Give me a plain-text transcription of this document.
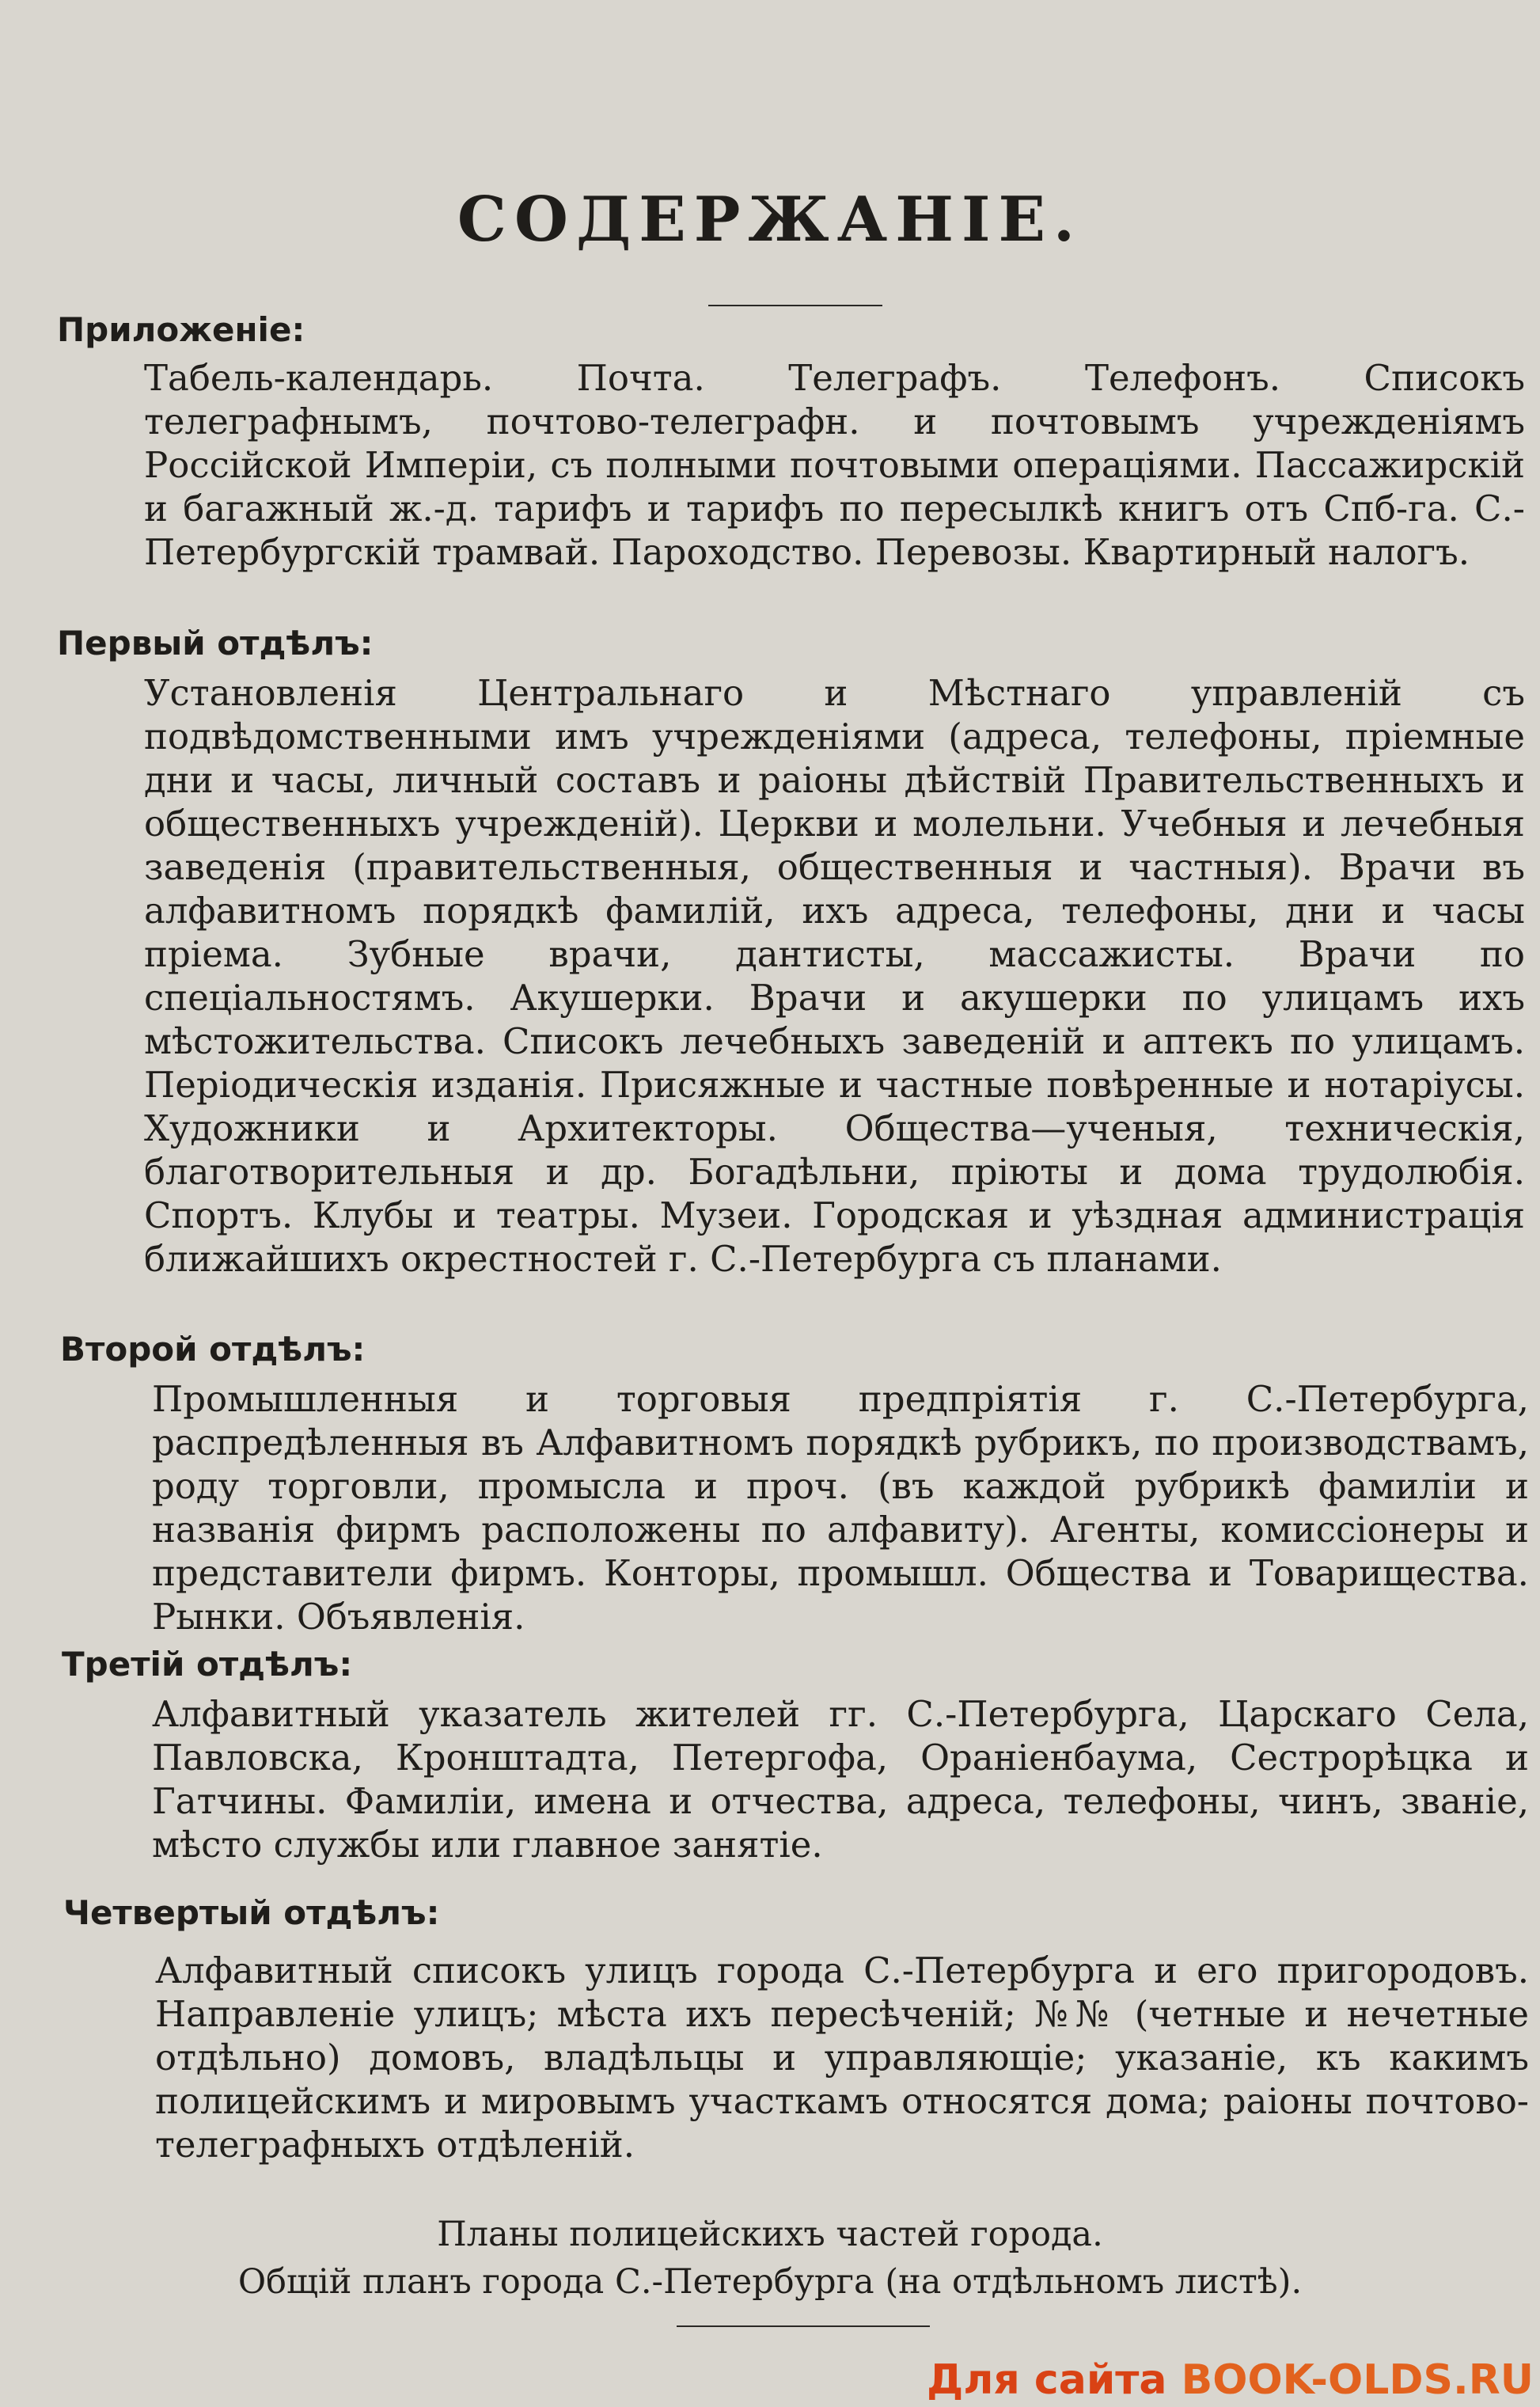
СОДЕРЖАНIЕ.
Приложенie:

Табель-календарь. Почта. Телеграфъ. Телефонъ. Списокъ телеграфнымъ, почтово-телеграфн. и почтовымъ учрежденiямъ Россiйской Имперiи, съ полными почтовыми операцiями. Пассажирскiй и багажный ж.-д. тарифъ и тарифъ по пересылкѣ книгъ отъ Спб-га. С.-Петербургскiй трамвай. Пароходство. Перевозы. Квартирный налогъ.

Первый отдѣлъ:

Установленiя Центральнаго и Мѣстнаго управленiй съ подвѣдомственными имъ учрежденiями (адреса, телефоны, прiемные дни и часы, личный составъ и раiоны дѣйствiй Правительственныхъ и общественныхъ учрежденiй). Церкви и молельни. Учебныя и лечебныя заведенiя (правительственныя, общественныя и частныя). Врачи въ алфавитномъ порядкѣ фамилiй, ихъ адреса, телефоны, дни и часы прiема. Зубные врачи, дантисты, массажисты. Врачи по спецiальностямъ. Акушерки. Врачи и акушерки по улицамъ ихъ мѣстожительства. Списокъ лечебныхъ заведенiй и аптекъ по улицамъ. Перiодическiя изданiя. Присяжные и частные повѣренные и нотарiусы. Художники и Архитекторы. Общества—ученыя, техническiя, благотворительныя и др. Богадѣльни, прiюты и дома трудолюбiя. Спортъ. Клубы и театры. Музеи. Городская и уѣздная администрацiя ближайшихъ окрестностей г. С.-Петербурга съ планами.

Второй отдѣлъ:

Промышленныя и торговыя предпрiятiя г. С.-Петербурга, распредѣленныя въ Алфавитномъ порядкѣ рубрикъ, по производствамъ, роду торговли, промысла и проч. (въ каждой рубрикѣ фамилiи и названiя фирмъ расположены по алфавиту). Агенты, комиссiонеры и представители фирмъ. Конторы, промышл. Общества и Товарищества. Рынки. Объявленiя.

Третiй отдѣлъ:

Алфавитный указатель жителей гг. С.-Петербурга, Царскаго Села, Павловска, Кронштадта, Петергофа, Ораніенбаума, Сестрорѣцка и Гатчины. Фамилiи, имена и отчества, адреса, телефоны, чинъ, званiе, мѣсто службы или главное занятiе.

Четвертый отдѣлъ:

Алфавитный списокъ улицъ города С.-Петербурга и его пригородовъ. Направленiе улицъ; мѣста ихъ пересѣченiй; №№ (четные и нечетные отдѣльно) домовъ, владѣльцы и управляющiе; указанiе, къ какимъ полицейскимъ и мировымъ участкамъ относятся дома; раiоны почтово-телеграфныхъ отдѣленiй.

Планы полицейскихъ частей города.
Общiй планъ города С.-Петербурга (на отдѣльномъ листѣ).
Для сайта BOOK-OLDS.RU
